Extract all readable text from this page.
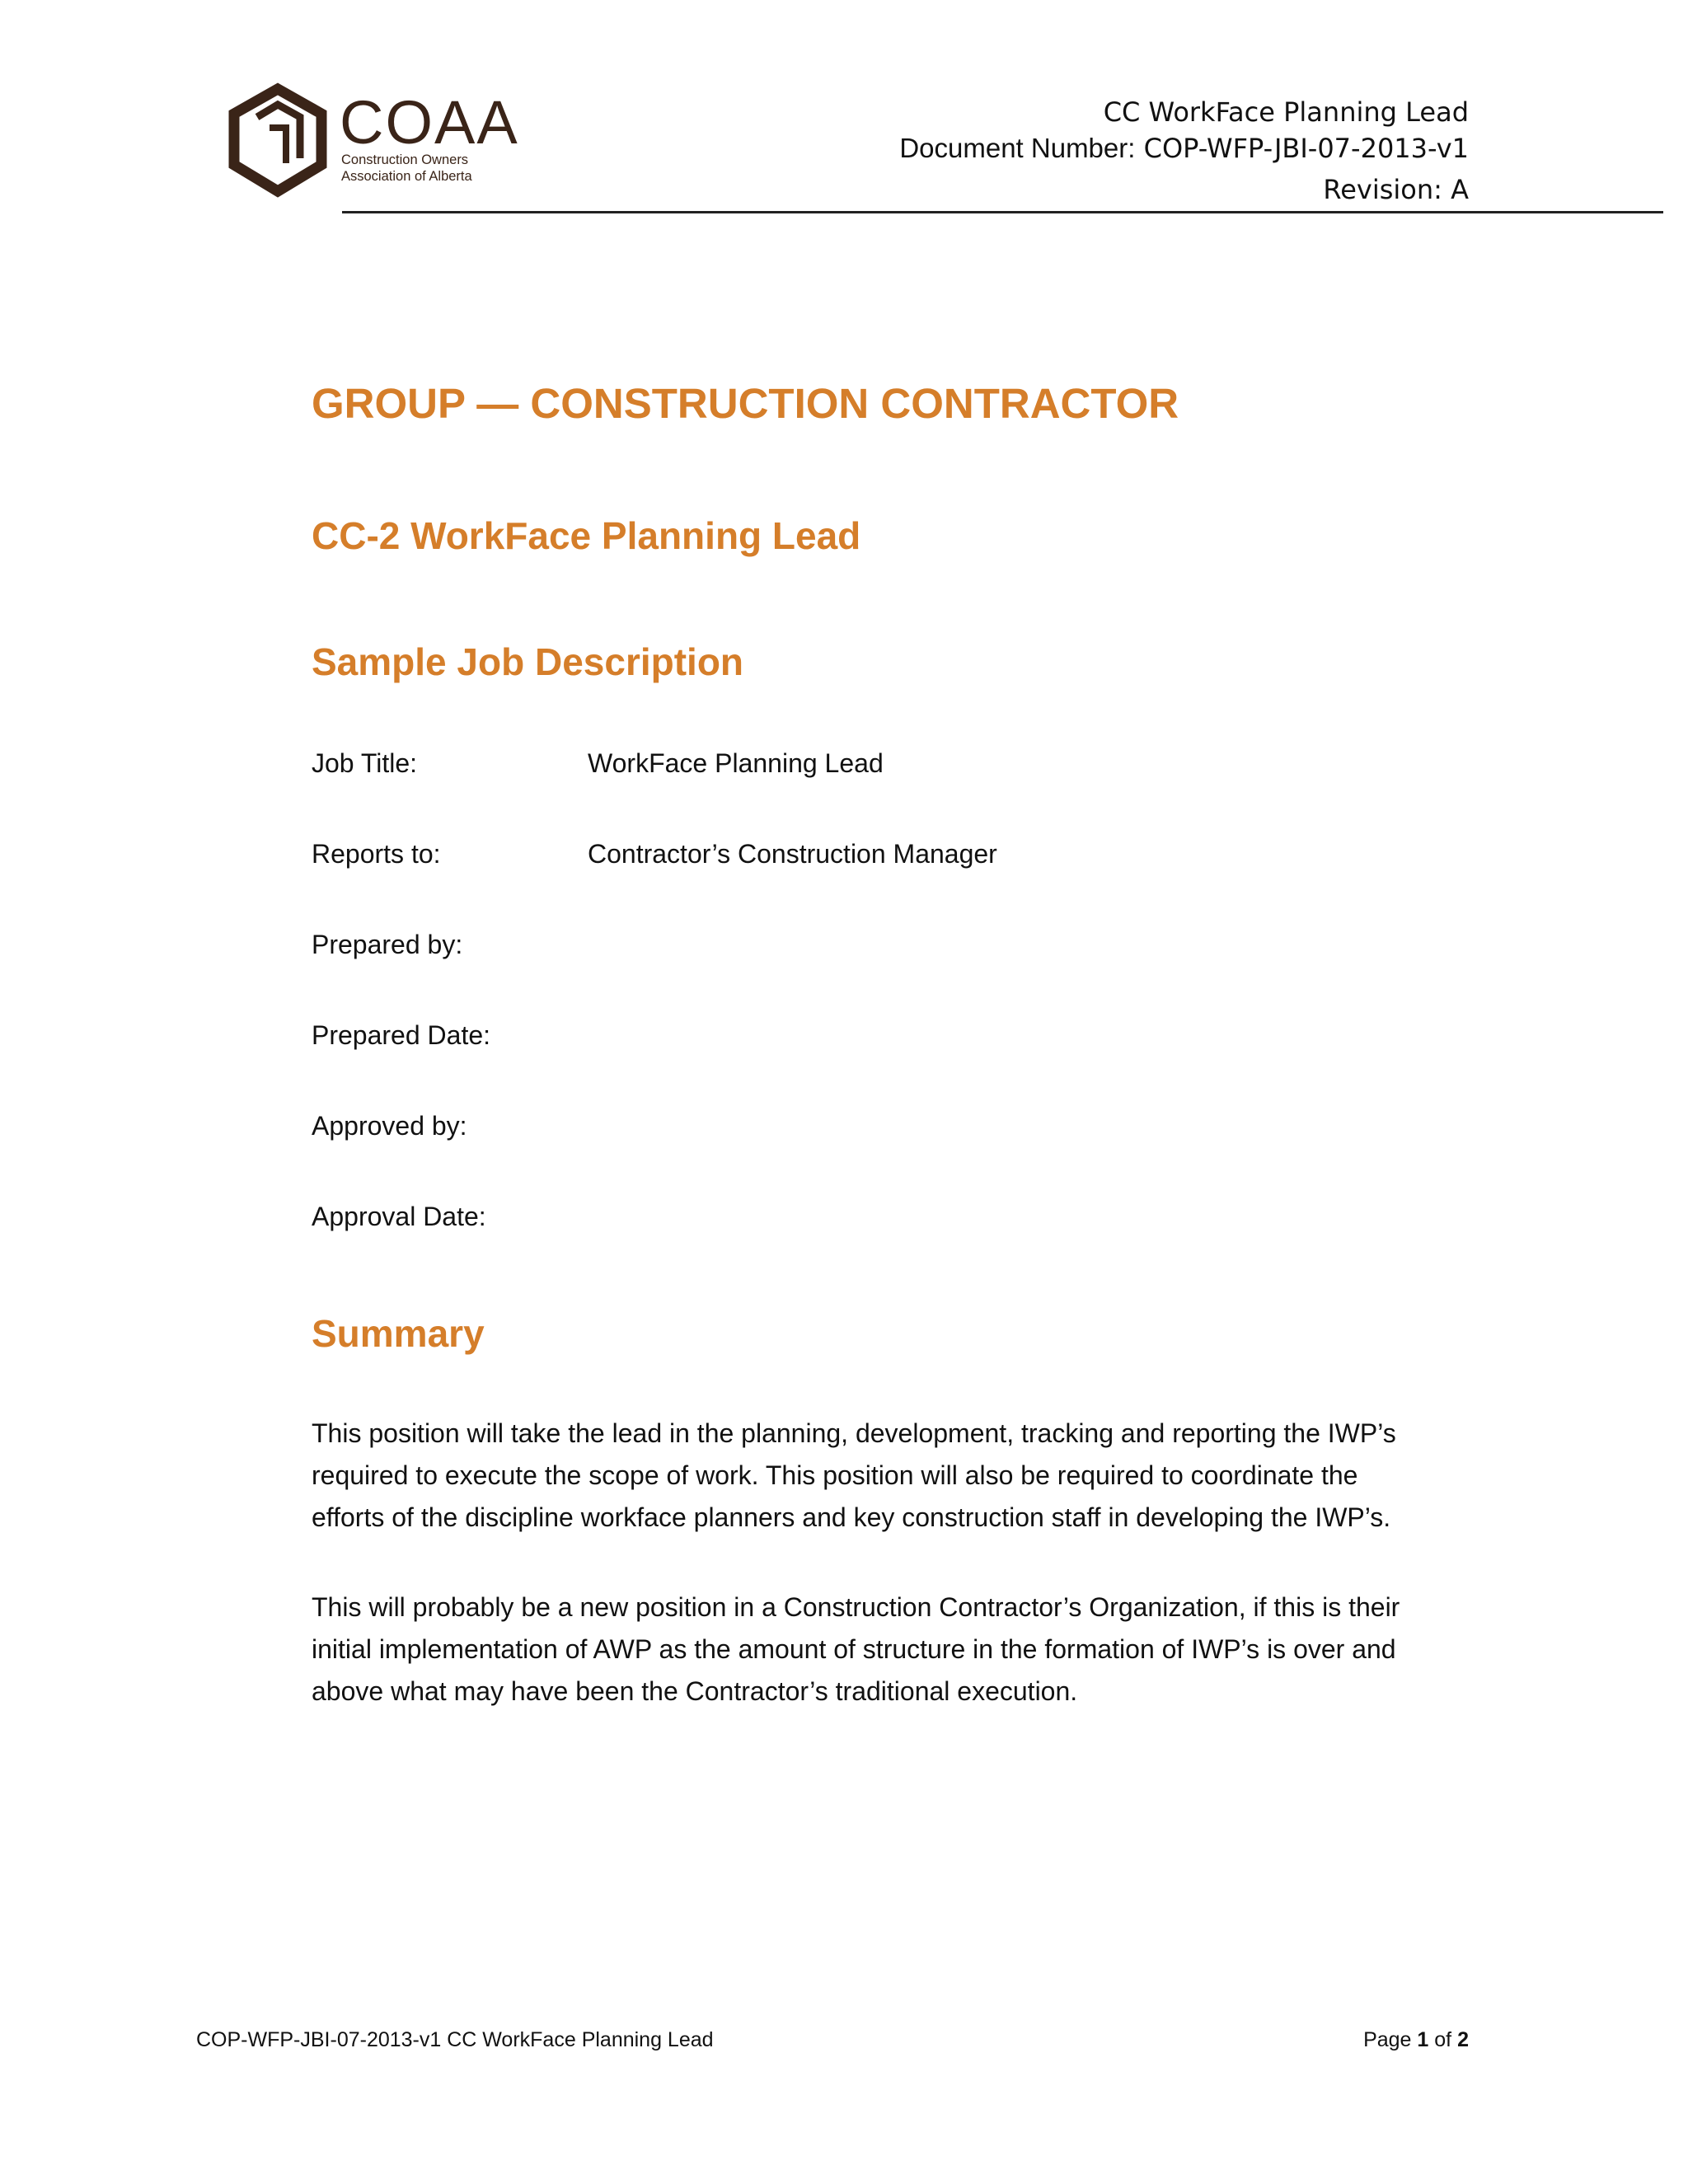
COAA
Construction Owners
Association of Alberta
CC WorkFace Planning Lead
Document Number: COP-WFP-JBI-07-2013-v1
Revision: A
GROUP — CONSTRUCTION CONTRACTOR
CC-2 WorkFace Planning Lead
Sample Job Description
Job Title:	WorkFace Planning Lead
Reports to:	Contractor’s Construction Manager
Prepared by:
Prepared Date:
Approved by:
Approval Date:
Summary
This position will take the lead in the planning, development, tracking and reporting the IWP’s
required to execute the scope of work. This position will also be required to coordinate the
efforts of the discipline workface planners and key construction staff in developing the IWP’s.
This will probably be a new position in a Construction Contractor’s Organization, if this is their
initial implementation of AWP as the amount of structure in the formation of IWP’s is over and
above what may have been the Contractor’s traditional execution.
COP-WFP-JBI-07-2013-v1 CC WorkFace Planning Lead	Page 1 of 2
